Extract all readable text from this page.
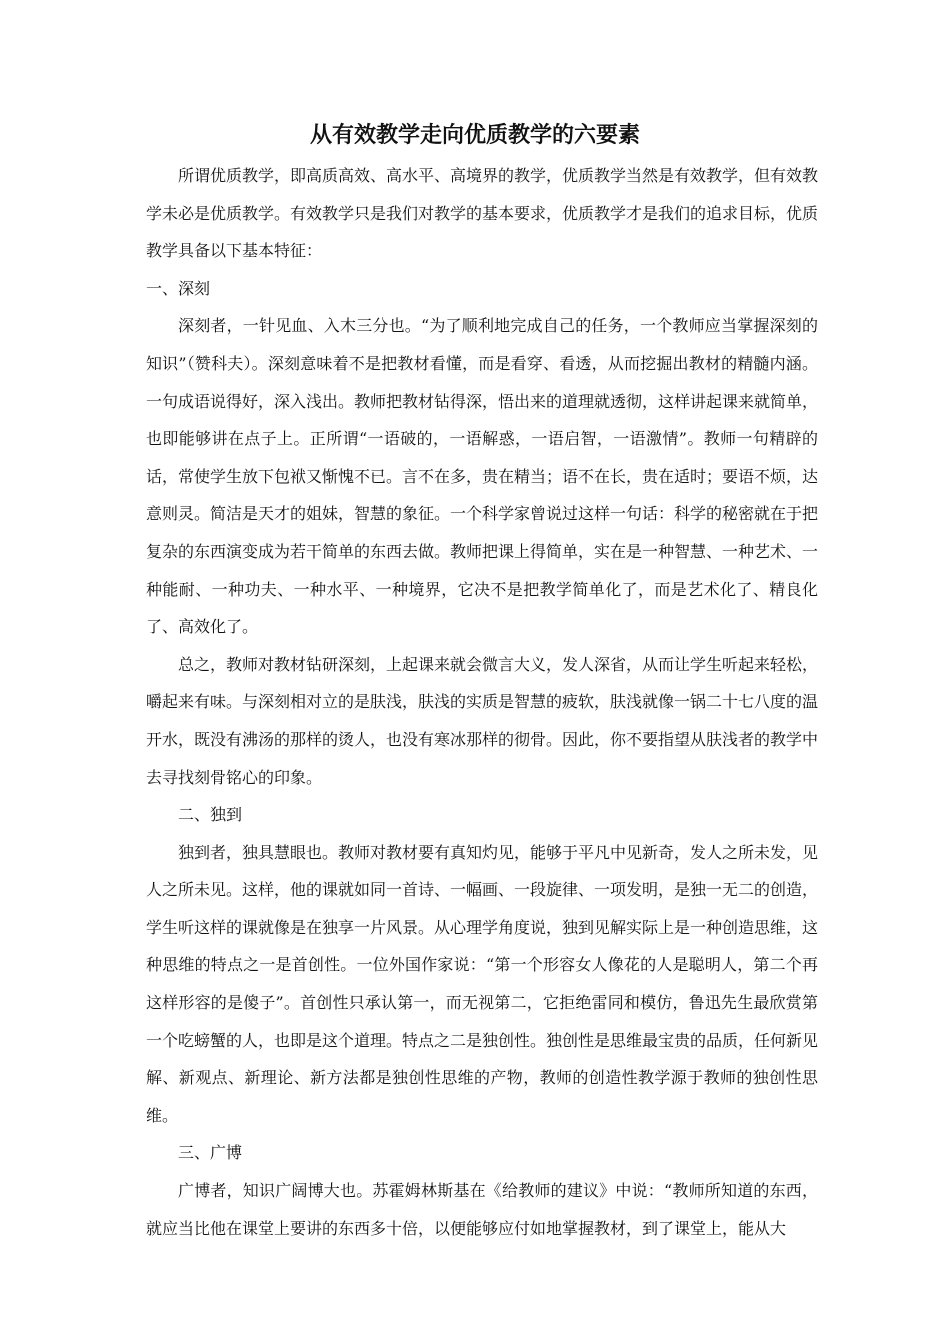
从有效教学走向优质教学的六要素

所谓优质教学，即高质高效、高水平、高境界的教学，优质教学当然是有效教学，但有效教学未必是优质教学。有效教学只是我们对教学的基本要求，优质教学才是我们的追求目标，优质教学具备以下基本特征：

一、深刻

深刻者，一针见血、入木三分也。“为了顺利地完成自己的任务，一个教师应当掌握深刻的知识”（赞科夫）。深刻意味着不是把教材看懂，而是看穿、看透，从而挖掘出教材的精髓内涵。一句成语说得好，深入浅出。教师把教材钻得深，悟出来的道理就透彻，这样讲起课来就简单，也即能够讲在点子上。正所谓“一语破的，一语解惑，一语启智，一语激情”。教师一句精辟的话，常使学生放下包袱又惭愧不已。言不在多，贵在精当；语不在长，贵在适时；要语不烦，达意则灵。简洁是天才的姐妹，智慧的象征。一个科学家曾说过这样一句话：科学的秘密就在于把复杂的东西演变成为若干简单的东西去做。教师把课上得简单，实在是一种智慧、一种艺术、一种能耐、一种功夫、一种水平、一种境界，它决不是把教学简单化了，而是艺术化了、精良化了、高效化了。

总之，教师对教材钻研深刻，上起课来就会微言大义，发人深省，从而让学生听起来轻松，嚼起来有味。与深刻相对立的是肤浅，肤浅的实质是智慧的疲软，肤浅就像一锅二十七八度的温开水，既没有沸汤的那样的烫人，也没有寒冰那样的彻骨。因此，你不要指望从肤浅者的教学中去寻找刻骨铭心的印象。

二、独到

独到者，独具慧眼也。教师对教材要有真知灼见，能够于平凡中见新奇，发人之所未发，见人之所未见。这样，他的课就如同一首诗、一幅画、一段旋律、一项发明，是独一无二的创造，学生听这样的课就像是在独享一片风景。从心理学角度说，独到见解实际上是一种创造思维，这种思维的特点之一是首创性。一位外国作家说：“第一个形容女人像花的人是聪明人，第二个再这样形容的是傻子”。首创性只承认第一，而无视第二，它拒绝雷同和模仿，鲁迅先生最欣赏第一个吃螃蟹的人，也即是这个道理。特点之二是独创性。独创性是思维最宝贵的品质，任何新见解、新观点、新理论、新方法都是独创性思维的产物，教师的创造性教学源于教师的独创性思维。

三、广博

广博者，知识广阔博大也。苏霍姆林斯基在《给教师的建议》中说：“教师所知道的东西，就应当比他在课堂上要讲的东西多十倍，以便能够应付如地掌握教材，到了课堂上，能从大
